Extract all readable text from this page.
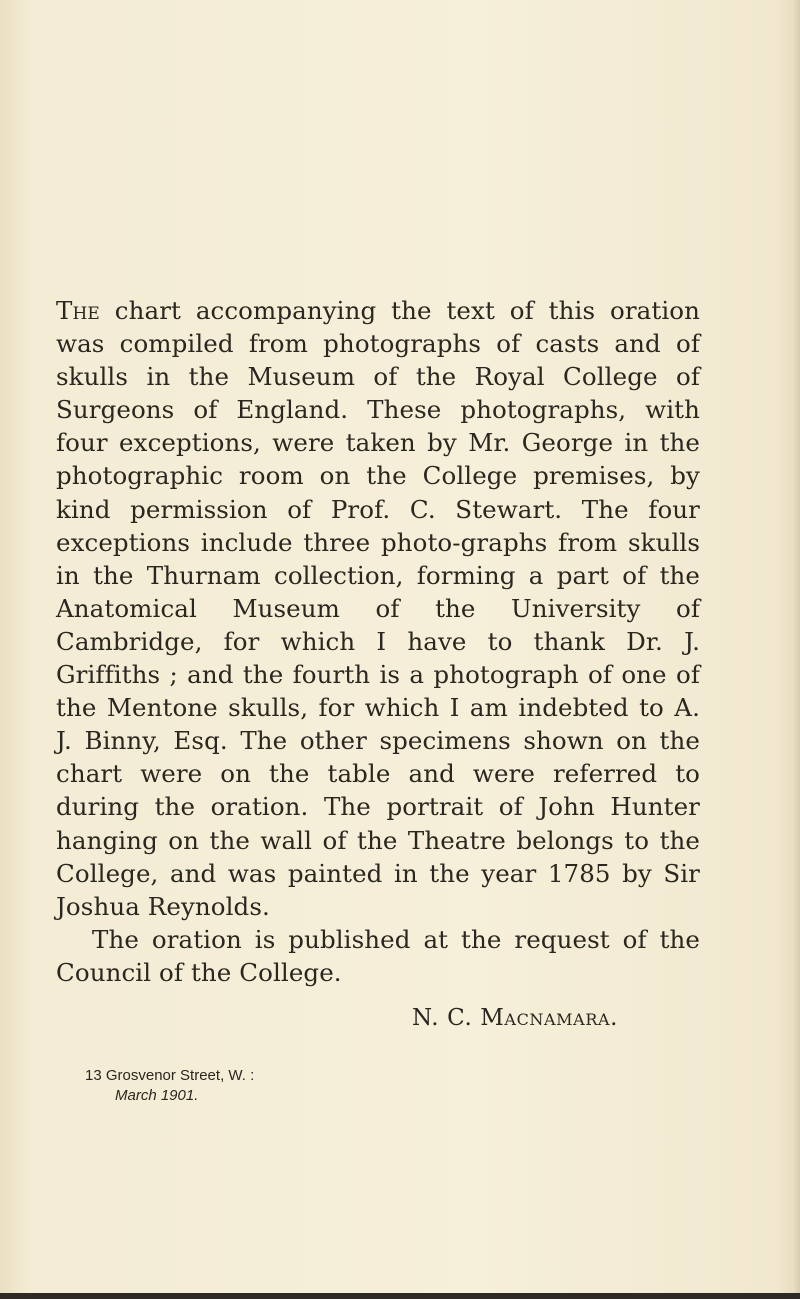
The chart accompanying the text of this oration was compiled from photographs of casts and of skulls in the Museum of the Royal College of Surgeons of England. These photographs, with four exceptions, were taken by Mr. George in the photographic room on the College premises, by kind permission of Prof. C. Stewart. The four exceptions include three photo-graphs from skulls in the Thurnam collection, forming a part of the Anatomical Museum of the University of Cambridge, for which I have to thank Dr. J. Griffiths ; and the fourth is a photograph of one of the Mentone skulls, for which I am indebted to A. J. Binny, Esq. The other specimens shown on the chart were on the table and were referred to during the oration. The portrait of John Hunter hanging on the wall of the Theatre belongs to the College, and was painted in the year 1785 by Sir Joshua Reynolds.

The oration is published at the request of the Council of the College.

N. C. Macnamara.
13 Grosvenor Street, W. :
March 1901.
